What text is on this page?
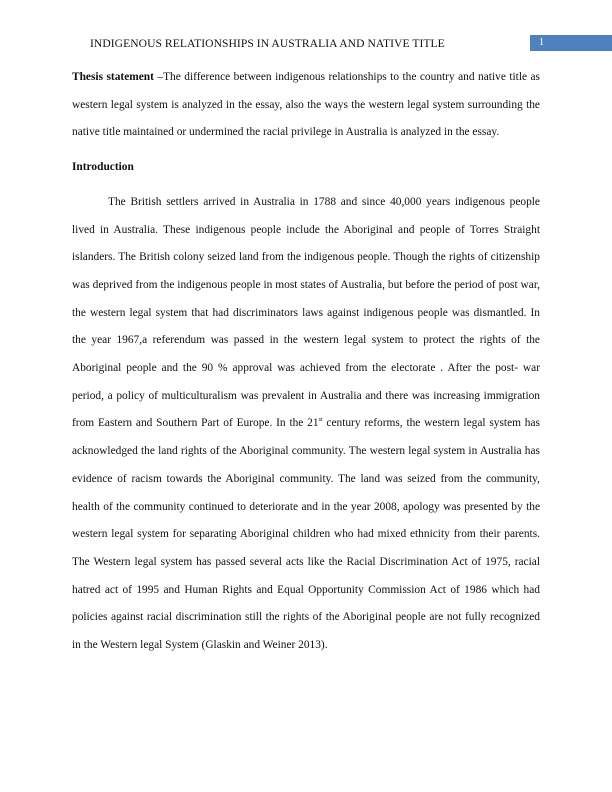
INDIGENOUS RELATIONSHIPS IN AUSTRALIA AND NATIVE TITLE	1

Thesis statement –The difference between indigenous relationships to the country and native title as western legal system is analyzed in the essay, also the ways the western legal system surrounding the native title maintained or undermined the racial privilege in Australia is analyzed in the essay.

Introduction

The British settlers arrived in Australia in 1788 and since 40,000 years indigenous people lived in Australia. These indigenous people include the Aboriginal and people of Torres Straight islanders. The British colony seized land from the indigenous people. Though the rights of citizenship was deprived from the indigenous people in most states of Australia, but before the period of post war, the western legal system that had discriminators laws against indigenous people was dismantled. In the year 1967,a referendum was passed in the western legal system to protect the rights of the Aboriginal people and the 90 % approval was achieved from the electorate . After the post- war period, a policy of multiculturalism was prevalent in Australia and there was increasing immigration from Eastern and Southern Part of Europe. In the 21st century reforms, the western legal system has acknowledged the land rights of the Aboriginal community. The western legal system in Australia has evidence of racism towards the Aboriginal community. The land was seized from the community, health of the community continued to deteriorate and in the year 2008, apology was presented by the western legal system for separating Aboriginal children who had mixed ethnicity from their parents. The Western legal system has passed several acts like the Racial Discrimination Act of 1975, racial hatred act of 1995 and Human Rights and Equal Opportunity Commission Act of 1986 which had policies against racial discrimination still the rights of the Aboriginal people are not fully recognized in the Western legal System (Glaskin and Weiner 2013).
